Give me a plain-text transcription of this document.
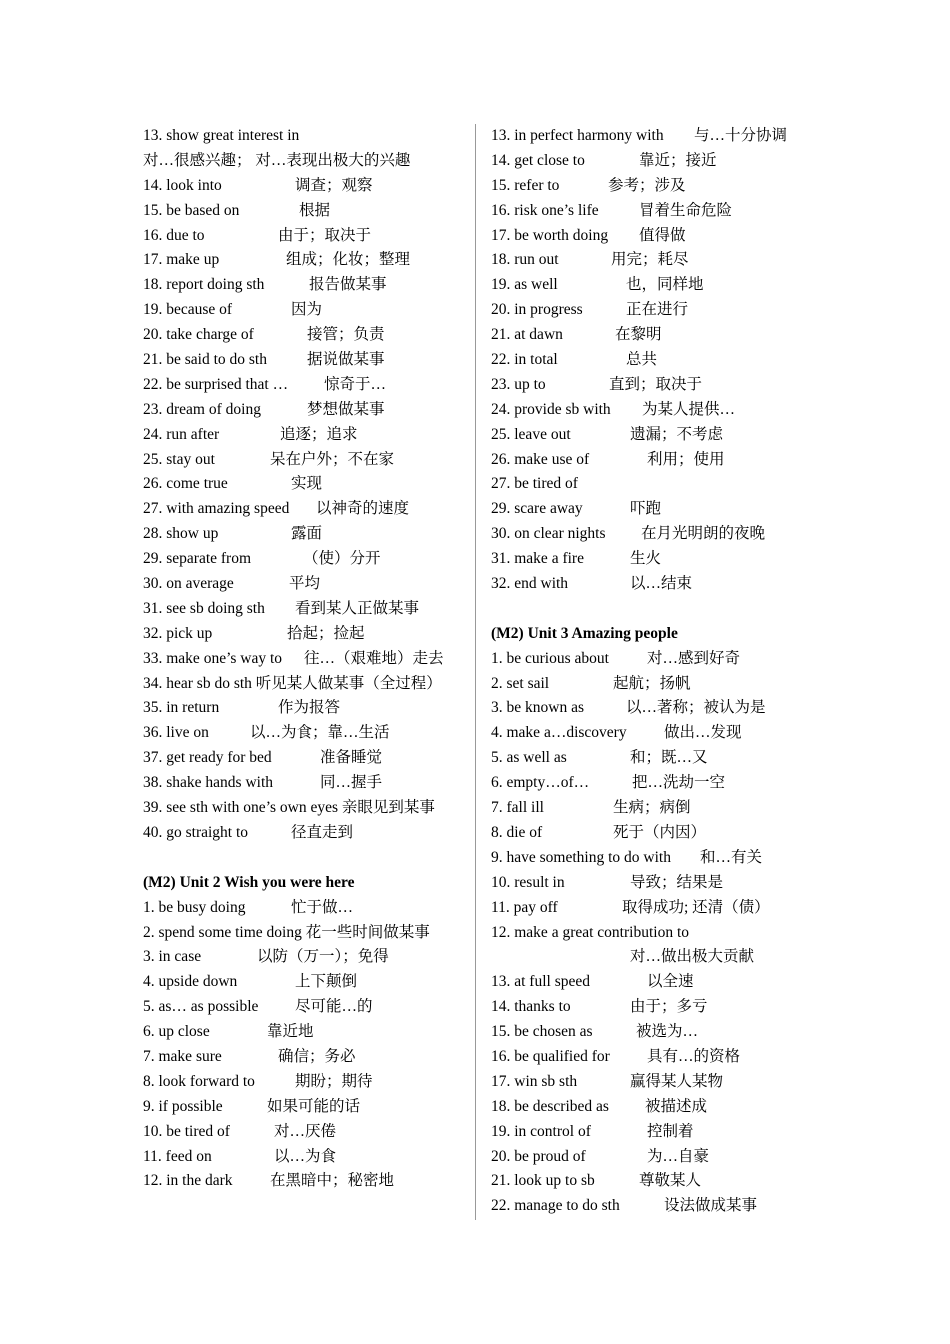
13. show great interest in
对…很感兴趣； 对…表现出极大的兴趣
14. look into	调查；观察
15. be based on	根据
16. due to	由于；取决于
17. make up	组成；化妆；整理
18. report doing sth	报告做某事
19. because of	因为
20. take charge of	接管；负责
21. be said to do sth	据说做某事
22. be surprised that … 惊奇于…
23. dream of doing	梦想做某事
24. run after	追逐；追求
25. stay out	呆在户外；不在家
26. come true	实现
27. with amazing speed 以神奇的速度
28. show up	露面
29. separate from	（使）分开
30. on average	平均
31. see sb doing sth 看到某人正做某事
32. pick up	拾起；捡起
33. make one’s way to 往…（艰难地）走去
34. hear sb do sth 听见某人做某事（全过程）
35. in return	作为报答
36. live on	以…为食；靠…生活
37. get ready for bed	准备睡觉
38. shake hands with	同…握手
39. see sth with one’s own eyes 亲眼见到某事
40. go straight to	径直走到
(M2) Unit 2 Wish you were here
1. be busy doing	忙于做…
2. spend some time doing 花一些时间做某事
3. in case	以防（万一）；免得
4. upside down	上下颠倒
5. as… as possible 尽可能…的
6. up close	靠近地
7. make sure	确信；务必
8. look forward to	期盼；期待
9. if possible	如果可能的话
10. be tired of	对…厌倦
11. feed on	以…为食
12. in the dark 在黑暗中；秘密地
13. in perfect harmony with 与…十分协调
14. get close to	靠近；接近
15. refer to	参考；涉及
16. risk one’s life	冒着生命危险
17. be worth doing 值得做
18. run out	用完；耗尽
19. as well	也，同样地
20. in progress	正在进行
21. at dawn	在黎明
22. in total	总共
23. up to	直到；取决于
24. provide sb with 为某人提供…
25. leave out	遗漏；不考虑
26. make use of	利用；使用
27. be tired of
29. scare away	吓跑
30. on clear nights 在月光明朗的夜晚
31. make a fire	生火
32. end with	以…结束
(M2) Unit 3 Amazing people
1. be curious about 对…感到好奇
2. set sail	起航；扬帆
3. be known as	以…著称；被认为是
4. make a…discovery 做出…发现
5. as well as	和；既…又
6. empty…of…	把…洗劫一空
7. fall ill	生病；病倒
8. die of	死于（内因）
9. have something to do with 和…有关
10. result in	导致；结果是
11. pay off	取得成功; 还清（债）
12. make a great contribution to
对…做出极大贡献
13. at full speed	以全速
14. thanks to	由于；多亏
15. be chosen as	被选为…
16. be qualified for 具有…的资格
17. win sb sth	赢得某人某物
18. be described as 被描述成
19. in control of	控制着
20. be proud of	为…自豪
21. look up to sb	尊敬某人
22. manage to do sth	设法做成某事
